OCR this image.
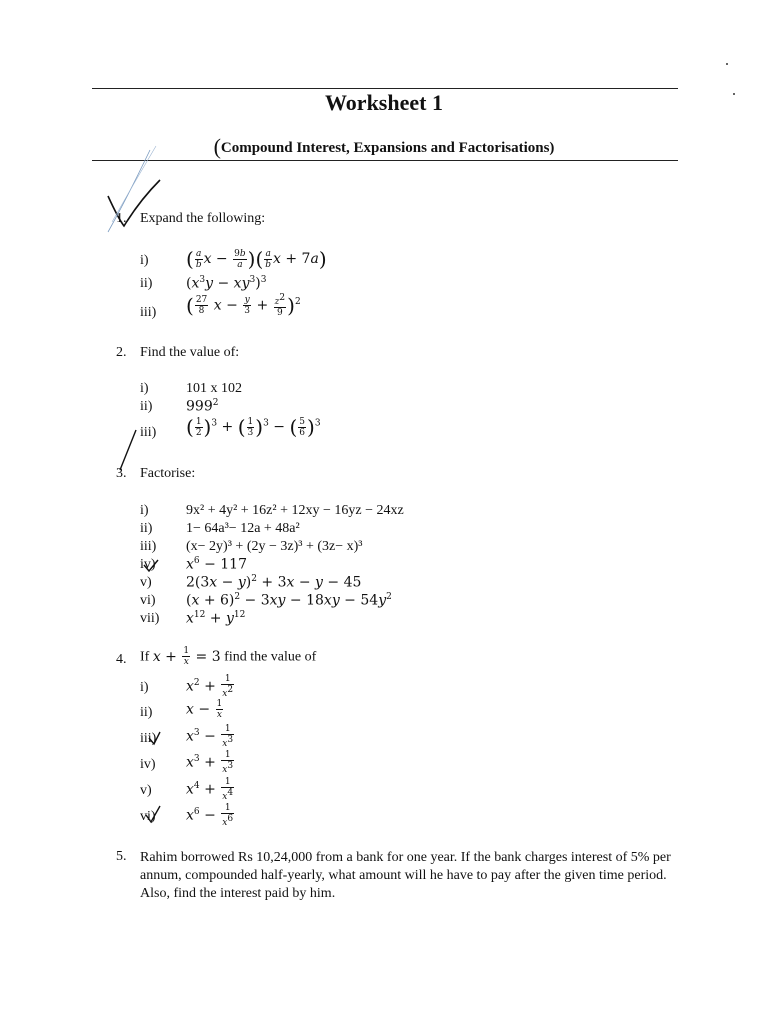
Worksheet 1
(Compound Interest, Expansions and Factorisations)
1. Expand the following:
i) ( $\frac{a}{b}$ $x - \frac{9b}{a}$ )( $\frac{a}{b}$ x + 7a)
ii) $(x^3y - xy^3)^3$
iii) ( $\frac{27}{8}$ $x - \frac{y}{3} + \frac{z^2}{9} )^2$
2. Find the value of:
i)	101 x 102
ii) $999^2$
iii) ( $\frac{1}{2} )^3$ + ( $\frac{1}{3} )^3$ − ( $\frac{5}{6} )^3$
3. Factorise:
i)	9x² + 4y² + 16z² + 12xy − 16yz − 24xz
ii) 1− 64a³− 12a + 48a²
iii) (x− 2y)³ + (2y − 3z)³ + (3z− x)³
iv) $x^6 - 117$
v) $2(3x - y)^2 + 3x - y - 45$
vi) $(x + 6)^2 - 3xy - 18xy - 54y^2$
vii) $x^{12} + y^{12}$
4. If $x + \frac{1}{x} = 3$ find the value of
i)	$x^2 + \frac{1}{x^2}$
ii) $x - \frac{1}{x}$
iii) $x^3 - \frac{1}{x^3}$
iv) $x^3 + \frac{1}{x^3}$
v) $x^4 + \frac{1}{x^4}$
vi) $x^6 - \frac{1}{x^6}$
5. Rahim borrowed Rs 10,24,000 from a bank for one year. If the bank charges interest of 5% per annum, compounded half-yearly, what amount will he have to pay after the given time period. Also, find the interest paid by him.
